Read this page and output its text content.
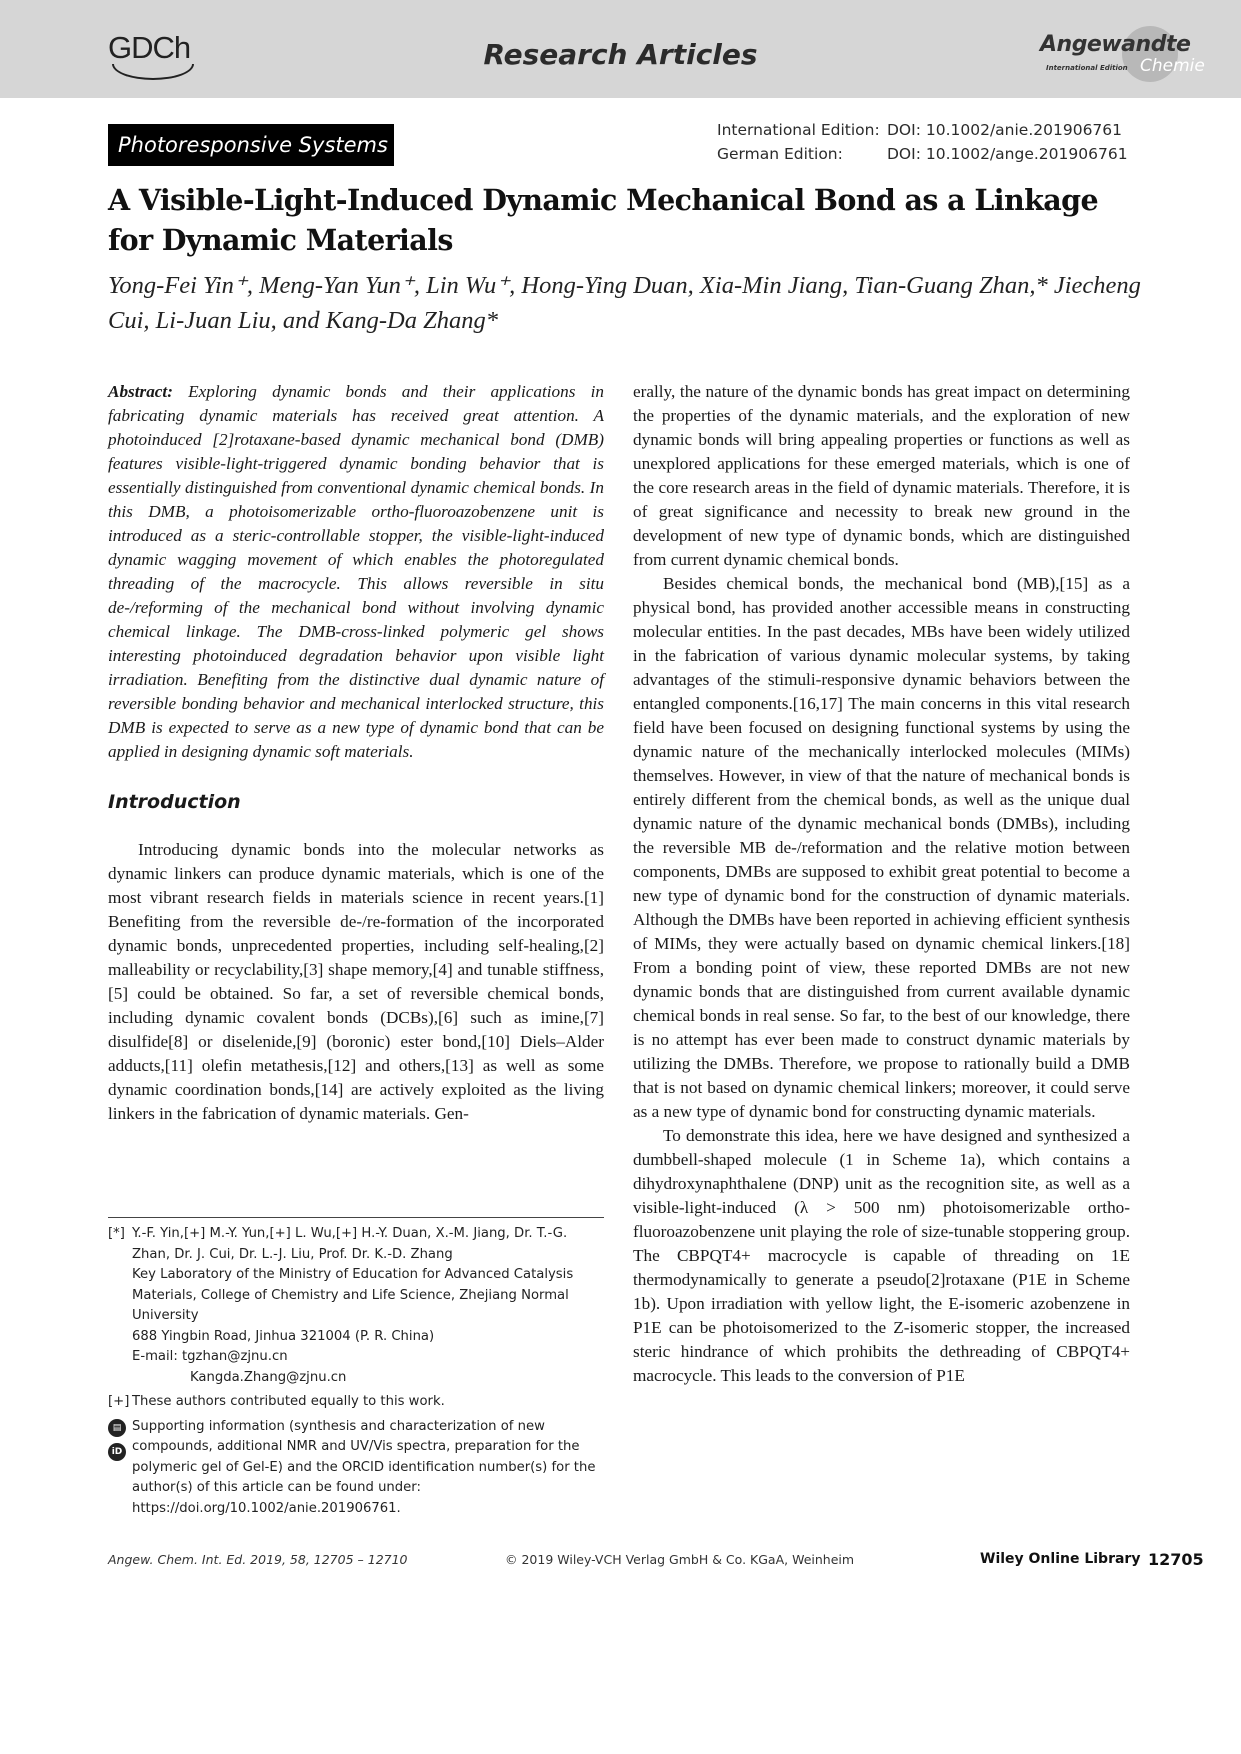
GDCh	Research Articles	Angewandte
International Edition Chemie
Photoresponsive Systems
International Edition: DOI: 10.1002/anie.201906761
German Edition:	DOI: 10.1002/ange.201906761
A Visible-Light-Induced Dynamic Mechanical Bond as a Linkage for Dynamic Materials
Yong-Fei Yin⁺, Meng-Yan Yun⁺, Lin Wu⁺, Hong-Ying Duan, Xia-Min Jiang, Tian-Guang Zhan,* Jiecheng Cui, Li-Juan Liu, and Kang-Da Zhang*

Abstract: Exploring dynamic bonds and their applications in fabricating dynamic materials has received great attention. A photoinduced [2]rotaxane-based dynamic mechanical bond (DMB) features visible-light-triggered dynamic bonding behavior that is essentially distinguished from conventional dynamic chemical bonds. In this DMB, a photoisomerizable ortho-fluoroazobenzene unit is introduced as a steric-controllable stopper, the visible-light-induced dynamic wagging movement of which enables the photoregulated threading of the macrocycle. This allows reversible in situ de-/reforming of the mechanical bond without involving dynamic chemical linkage. The DMB-cross-linked polymeric gel shows interesting photoinduced degradation behavior upon visible light irradiation. Benefiting from the distinctive dual dynamic nature of reversible bonding behavior and mechanical interlocked structure, this DMB is expected to serve as a new type of dynamic bond that can be applied in designing dynamic soft materials.

Introduction

Introducing dynamic bonds into the molecular networks as dynamic linkers can produce dynamic materials, which is one of the most vibrant research fields in materials science in recent years.[1] Benefiting from the reversible de-/re-formation of the incorporated dynamic bonds, unprecedented properties, including self-healing,[2] malleability or recyclability,[3] shape memory,[4] and tunable stiffness,[5] could be obtained. So far, a set of reversible chemical bonds, including dynamic covalent bonds (DCBs),[6] such as imine,[7] disulfide[8] or diselenide,[9] (boronic) ester bond,[10] Diels–Alder adducts,[11] olefin metathesis,[12] and others,[13] as well as some dynamic coordination bonds,[14] are actively exploited as the living linkers in the fabrication of dynamic materials. Gen-

erally, the nature of the dynamic bonds has great impact on determining the properties of the dynamic materials, and the exploration of new dynamic bonds will bring appealing properties or functions as well as unexplored applications for these emerged materials, which is one of the core research areas in the field of dynamic materials. Therefore, it is of great significance and necessity to break new ground in the development of new type of dynamic bonds, which are distinguished from current dynamic chemical bonds.

Besides chemical bonds, the mechanical bond (MB),[15] as a physical bond, has provided another accessible means in constructing molecular entities. In the past decades, MBs have been widely utilized in the fabrication of various dynamic molecular systems, by taking advantages of the stimuli-responsive dynamic behaviors between the entangled components.[16,17] The main concerns in this vital research field have been focused on designing functional systems by using the dynamic nature of the mechanically interlocked molecules (MIMs) themselves. However, in view of that the nature of mechanical bonds is entirely different from the chemical bonds, as well as the unique dual dynamic nature of the dynamic mechanical bonds (DMBs), including the reversible MB de-/reformation and the relative motion between components, DMBs are supposed to exhibit great potential to become a new type of dynamic bond for the construction of dynamic materials. Although the DMBs have been reported in achieving efficient synthesis of MIMs, they were actually based on dynamic chemical linkers.[18] From a bonding point of view, these reported DMBs are not new dynamic bonds that are distinguished from current available dynamic chemical bonds in real sense. So far, to the best of our knowledge, there is no attempt has ever been made to construct dynamic materials by utilizing the DMBs. Therefore, we propose to rationally build a DMB that is not based on dynamic chemical linkers; moreover, it could serve as a new type of dynamic bond for constructing dynamic materials.

To demonstrate this idea, here we have designed and synthesized a dumbbell-shaped molecule (1 in Scheme 1a), which contains a dihydroxynaphthalene (DNP) unit as the recognition site, as well as a visible-light-induced (λ > 500 nm) photoisomerizable ortho-fluoroazobenzene unit playing the role of size-tunable stoppering group. The CBPQT4+ macrocycle is capable of threading on 1E thermodynamically to generate a pseudo[2]rotaxane (P1E in Scheme 1b). Upon irradiation with yellow light, the E-isomeric azobenzene in P1E can be photoisomerized to the Z-isomeric stopper, the increased steric hindrance of which prohibits the dethreading of CBPQT4+ macrocycle. This leads to the conversion of P1E

[*] Y.-F. Yin,[+] M.-Y. Yun,[+] L. Wu,[+] H.-Y. Duan, X.-M. Jiang, Dr. T.-G. Zhan, Dr. J. Cui, Dr. L.-J. Liu, Prof. Dr. K.-D. Zhang
Key Laboratory of the Ministry of Education for Advanced Catalysis Materials, College of Chemistry and Life Science, Zhejiang Normal University
688 Yingbin Road, Jinhua 321004 (P. R. China)
E-mail: tgzhan@zjnu.cn
Kangda.Zhang@zjnu.cn
[+] These authors contributed equally to this work.
▤
iD
Supporting information (synthesis and characterization of new compounds, additional NMR and UV/Vis spectra, preparation for the polymeric gel of Gel-E) and the ORCID identification number(s) for the author(s) of this article can be found under: https://doi.org/10.1002/anie.201906761.
Angew. Chem. Int. Ed. 2019, 58, 12705 – 12710	© 2019 Wiley-VCH Verlag GmbH & Co. KGaA, Weinheim	Wiley Online Library 12705
